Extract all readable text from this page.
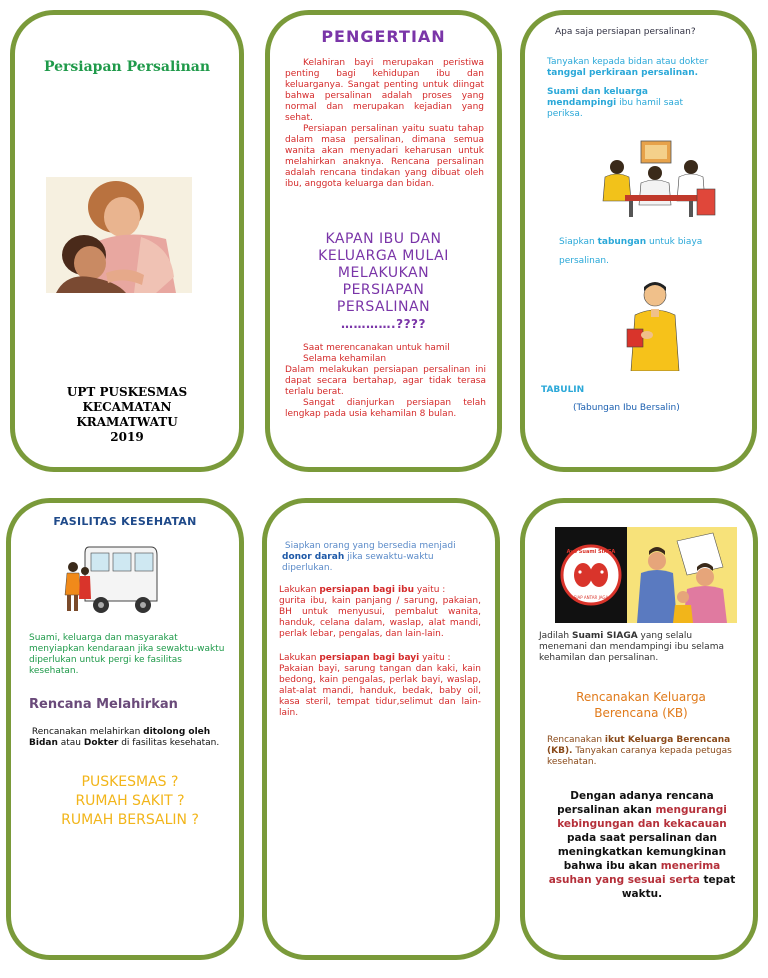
Persiapan Persalinan
UPT PUSKESMAS
KECAMATAN
KRAMATWATU
2019
PENGERTIAN

Kelahiran bayi merupakan peristiwa penting bagi kehidupan ibu dan keluarganya. Sangat penting untuk diingat bahwa persalinan adalah proses yang normal dan merupakan kejadian yang sehat.

Persiapan persalinan yaitu suatu tahap dalam masa persalinan, dimana semua wanita akan menyadari keharusan untuk melahirkan anaknya. Rencana persalinan adalah rencana tindakan yang dibuat oleh ibu, anggota keluarga dan bidan.

KAPAN IBU DAN
KELUARGA MULAI
MELAKUKAN
PERSIAPAN
PERSALINAN
………….????

Saat merencanakan untuk hamil

Selama kehamilan

Dalam melakukan persiapan persalinan ini dapat secara bertahap, agar tidak terasa terlalu berat.

Sangat dianjurkan persiapan telah lengkap pada usia kehamilan 8 bulan.

Apa saja persiapan persalinan?
Tanyakan kepada bidan atau dokter tanggal perkiraan persalinan.
Suami dan keluarga mendampingi ibu hamil saat periksa.
Siapkan tabungan untuk biaya persalinan.
TABULIN
(Tabungan Ibu Bersalin)
FASILITAS KESEHATAN
Suami, keluarga dan masyarakat menyiapkan kendaraan jika sewaktu-waktu diperlukan untuk pergi ke fasilitas kesehatan.
Rencana Melahirkan
Rencanakan melahirkan ditolong oleh Bidan atau Dokter di fasilitas kesehatan.
PUSKESMAS ?
RUMAH SAKIT ?
RUMAH BERSALIN ?
Siapkan orang yang bersedia menjadi donor darah jika sewaktu-waktu diperlukan.

Lakukan persiapan bagi ibu yaitu :

gurita ibu, kain panjang / sarung, pakaian, BH untuk menyusui, pembalut wanita, handuk, celana dalam, waslap, alat mandi, perlak lebar, pengalas, dan lain-lain.

Lakukan persiapan bagi bayi yaitu :

Pakaian bayi, sarung tangan dan kaki, kain bedong, kain pengalas, perlak bayi, waslap, alat-alat mandi, handuk, bedak, baby oil, kasa steril, tempat tidur,selimut dan lain-lain.

Ayo Suami SIAGA
SIAP ANTAR JAGA
Jadilah Suami SIAGA yang selalu menemani dan mendampingi ibu selama kehamilan dan persalinan.
Rencanakan Keluarga Berencana (KB)
Rencanakan ikut Keluarga Berencana (KB). Tanyakan caranya kepada petugas kesehatan.
Dengan adanya rencana persalinan akan mengurangi kebingungan dan kekacauan pada saat persalinan dan meningkatkan kemungkinan bahwa ibu akan menerima asuhan yang sesuai serta tepat waktu.
